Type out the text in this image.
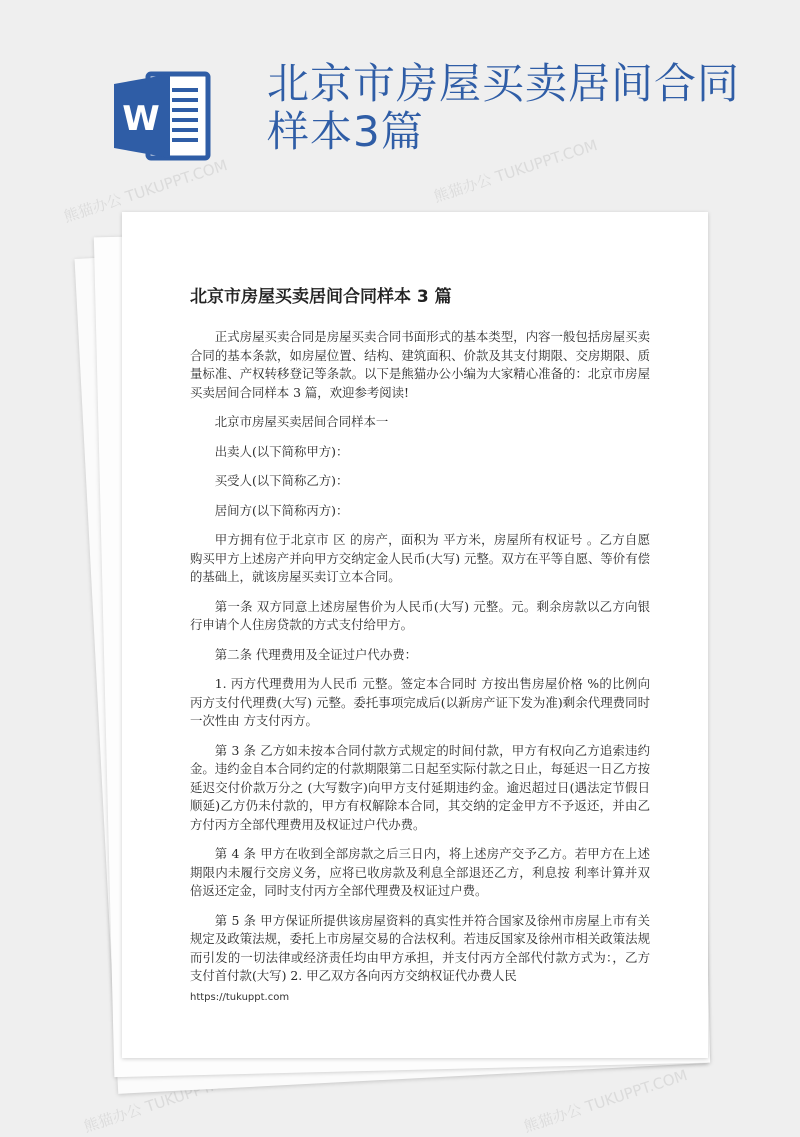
W
北京市房屋买卖居间合同样本3篇
熊猫办公 TUKUPPT.COM	熊猫办公 TUKUPPT.COM
熊猫办公 TUKUPPT.COM	熊猫办公 TUKUPPT.COM
北京市房屋买卖居间合同样本 3 篇

正式房屋买卖合同是房屋买卖合同书面形式的基本类型，内容一般包括房屋买卖合同的基本条款，如房屋位置、结构、建筑面积、价款及其支付期限、交房期限、质量标准、产权转移登记等条款。以下是熊猫办公小编为大家精心准备的：北京市房屋买卖居间合同样本 3 篇，欢迎参考阅读!

北京市房屋买卖居间合同样本一

出卖人(以下简称甲方)：

买受人(以下简称乙方)：

居间方(以下简称丙方)：

甲方拥有位于北京市 区 的房产，面积为 平方米，房屋所有权证号 。乙方自愿购买甲方上述房产并向甲方交纳定金人民币(大写) 元整。双方在平等自愿、等价有偿的基础上，就该房屋买卖订立本合同。

第一条 双方同意上述房屋售价为人民币(大写) 元整。元。剩余房款以乙方向银行申请个人住房贷款的方式支付给甲方。

第二条 代理费用及全证过户代办费：

1. 丙方代理费用为人民币 元整。签定本合同时 方按出售房屋价格 %的比例向丙方支付代理费(大写) 元整。委托事项完成后(以新房产证下发为准)剩余代理费同时一次性由 方支付丙方。

第 3 条 乙方如未按本合同付款方式规定的时间付款，甲方有权向乙方追索违约金。违约金自本合同约定的付款期限第二日起至实际付款之日止，每延迟一日乙方按延迟交付价款万分之 (大写数字)向甲方支付延期违约金。逾迟超过日(遇法定节假日顺延)乙方仍未付款的，甲方有权解除本合同，其交纳的定金甲方不予返还，并由乙方付丙方全部代理费用及权证过户代办费。

第 4 条 甲方在收到全部房款之后三日内，将上述房产交予乙方。若甲方在上述期限内未履行交房义务，应将已收房款及利息全部退还乙方，利息按 利率计算并双倍返还定金，同时支付丙方全部代理费及权证过户费。

第 5 条 甲方保证所提供该房屋资料的真实性并符合国家及徐州市房屋上市有关规定及政策法规，委托上市房屋交易的合法权利。若违反国家及徐州市相关政策法规而引发的一切法律或经济责任均由甲方承担，并支付丙方全部代付款方式为：，乙方支付首付款(大写) 2. 甲乙双方各向丙方交纳权证代办费人民

https://tukuppt.com
